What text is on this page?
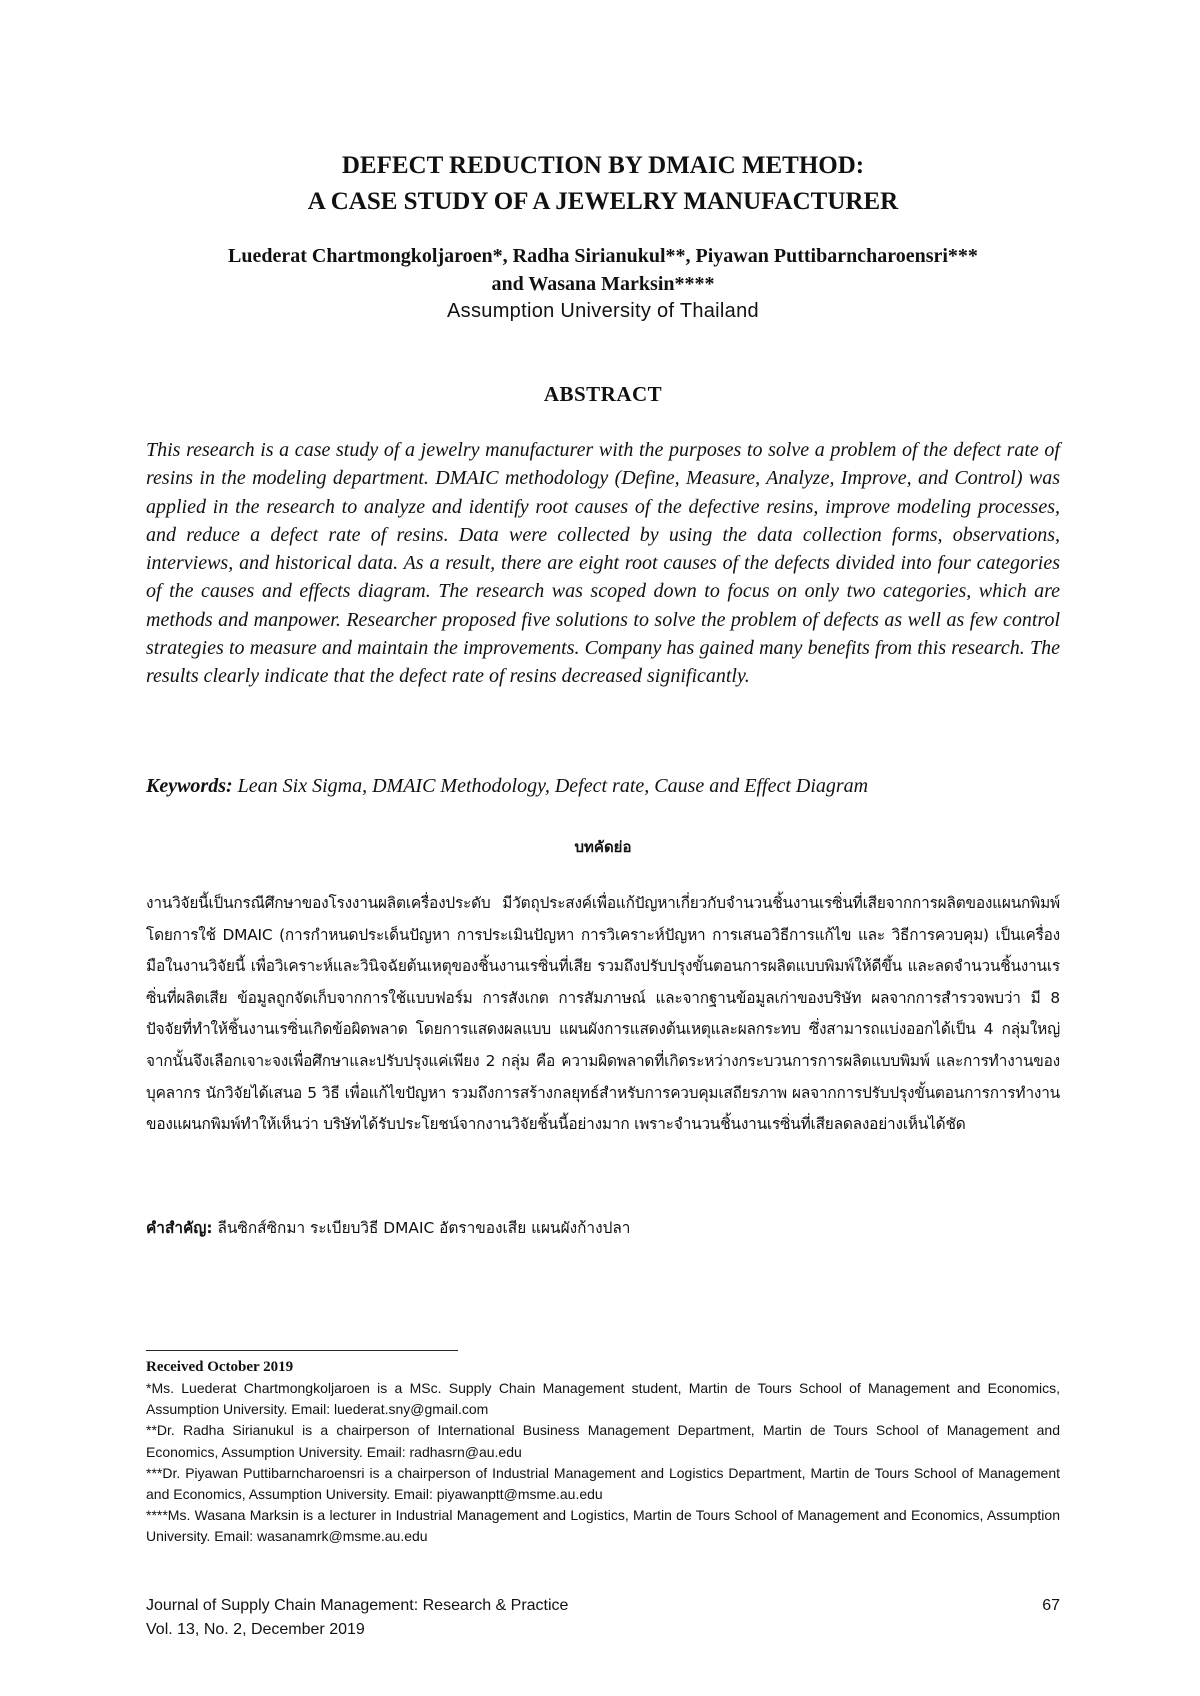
DEFECT REDUCTION BY DMAIC METHOD:
A CASE STUDY OF A JEWELRY MANUFACTURER
Luederat Chartmongkoljaroen*, Radha Sirianukul**, Piyawan Puttibarncharoensri***
and Wasana Marksin****
Assumption University of Thailand
ABSTRACT

This research is a case study of a jewelry manufacturer with the purposes to solve a problem of the defect rate of resins in the modeling department. DMAIC methodology (Define, Measure, Analyze, Improve, and Control) was applied in the research to analyze and identify root causes of the defective resins, improve modeling processes, and reduce a defect rate of resins. Data were collected by using the data collection forms, observations, interviews, and historical data. As a result, there are eight root causes of the defects divided into four categories of the causes and effects diagram. The research was scoped down to focus on only two categories, which are methods and manpower. Researcher proposed five solutions to solve the problem of defects as well as few control strategies to measure and maintain the improvements. Company has gained many benefits from this research. The results clearly indicate that the defect rate of resins decreased significantly.

Keywords: Lean Six Sigma, DMAIC Methodology, Defect rate, Cause and Effect Diagram

บทคัดย่อ

งานวิจัยนี้เป็นกรณีศึกษาของโรงงานผลิตเครื่องประดับ มีวัตถุประสงค์เพื่อแก้ปัญหาเกี่ยวกับจำนวนชิ้นงานเรซิ่นที่เสียจากการผลิตของแผนกพิมพ์ โดยการใช้ DMAIC (การกำหนดประเด็นปัญหา การประเมินปัญหา การวิเคราะห์ปัญหา การเสนอวิธีการแก้ไข และ วิธีการควบคุม) เป็นเครื่องมือในงานวิจัยนี้ เพื่อวิเคราะห์และวินิจฉัยต้นเหตุของชิ้นงานเรซิ่นที่เสีย รวมถึงปรับปรุงขั้นตอนการผลิตแบบพิมพ์ให้ดีขึ้น และลดจำนวนชิ้นงานเรซิ่นที่ผลิตเสีย ข้อมูลถูกจัดเก็บจากการใช้แบบฟอร์ม การสังเกต การสัมภาษณ์ และจากฐานข้อมูลเก่าของบริษัท ผลจากการสำรวจพบว่า มี 8 ปัจจัยที่ทำให้ชิ้นงานเรซิ่นเกิดข้อผิดพลาด โดยการแสดงผลแบบ แผนผังการแสดงต้นเหตุและผลกระทบ ซึ่งสามารถแบ่งออกได้เป็น 4 กลุ่มใหญ่ จากนั้นจึงเลือกเจาะจงเพื่อศึกษาและปรับปรุงแค่เพียง 2 กลุ่ม คือ ความผิดพลาดที่เกิดระหว่างกระบวนการการผลิตแบบพิมพ์ และการทำงานของบุคลากร นักวิจัยได้เสนอ 5 วิธี เพื่อแก้ไขปัญหา รวมถึงการสร้างกลยุทธ์สำหรับการควบคุมเสถียรภาพ ผลจากการปรับปรุงขั้นตอนการการทำงานของแผนกพิมพ์ทำให้เห็นว่า บริษัทได้รับประโยชน์จากงานวิจัยชิ้นนี้อย่างมาก เพราะจำนวนชิ้นงานเรซิ่นที่เสียลดลงอย่างเห็นได้ชัด

คำสำคัญ: ลีนซิกส์ซิกมา ระเบียบวิธี DMAIC อัตราของเสีย แผนผังก้างปลา

Received October 2019

*Ms. Luederat Chartmongkoljaroen is a MSc. Supply Chain Management student, Martin de Tours School of Management and Economics, Assumption University. Email: luederat.sny@gmail.com

**Dr. Radha Sirianukul is a chairperson of International Business Management Department, Martin de Tours School of Management and Economics, Assumption University. Email: radhasrn@au.edu

***Dr. Piyawan Puttibarncharoensri is a chairperson of Industrial Management and Logistics Department, Martin de Tours School of Management and Economics, Assumption University. Email: piyawanptt@msme.au.edu

****Ms. Wasana Marksin is a lecturer in Industrial Management and Logistics, Martin de Tours School of Management and Economics, Assumption University. Email: wasanamrk@msme.au.edu

Journal of Supply Chain Management: Research & Practice
Vol. 13, No. 2, December 2019
67
